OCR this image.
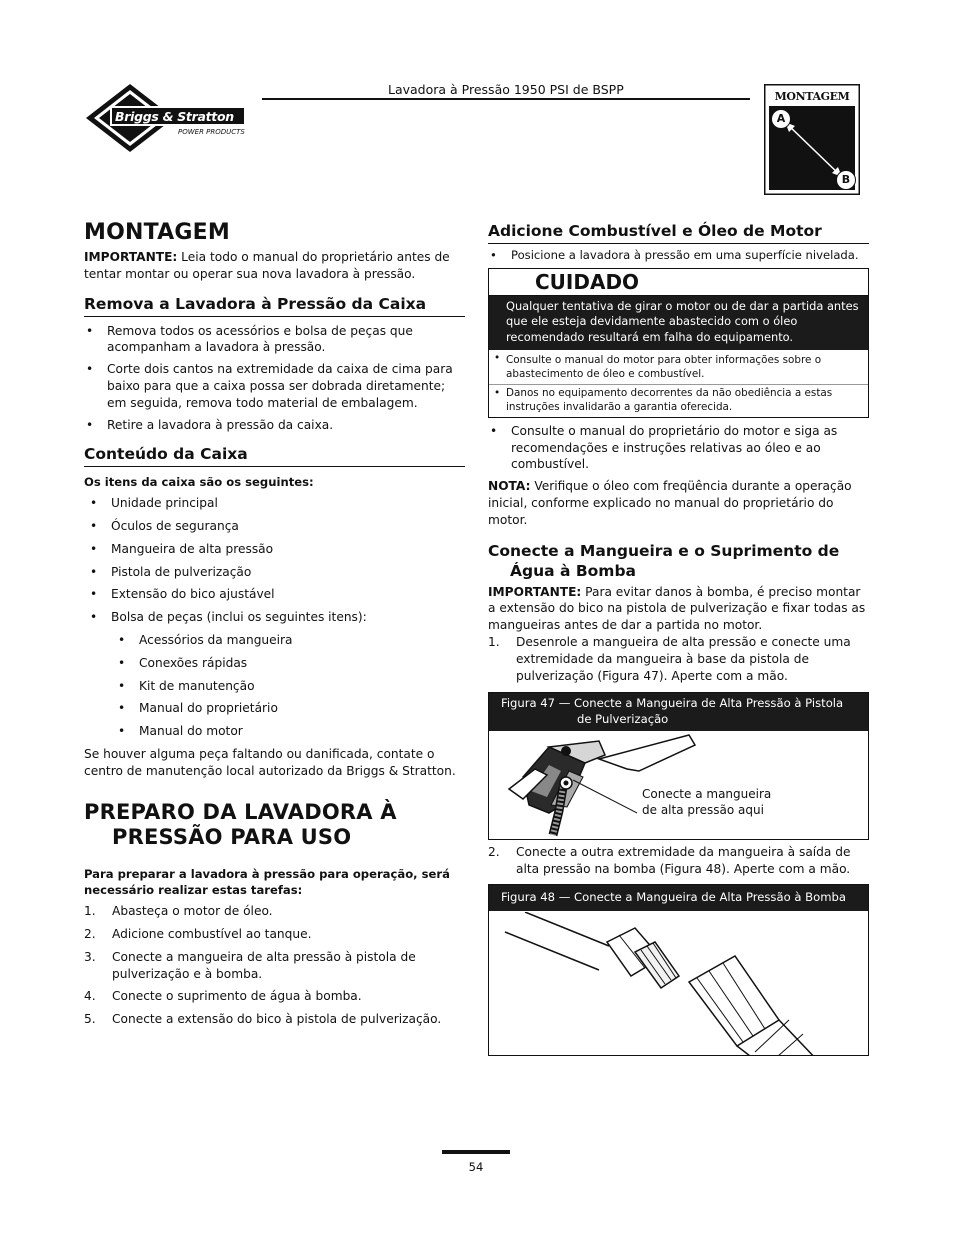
Briggs & Stratton
POWER PRODUCTS
Lavadora à Pressão 1950 PSI de BSPP	MONTAGEM
A
B
MONTAGEM
IMPORTANTE: Leia todo o manual do proprietário antes de tentar montar ou operar sua nova lavadora à pressão.
Remova a Lavadora à Pressão da Caixa
• Remova todos os acessórios e bolsa de peças que acompanham a lavadora à pressão.
• Corte dois cantos na extremidade da caixa de cima para baixo para que a caixa possa ser dobrada diretamente; em seguida, remova todo material de embalagem.
• Retire a lavadora à pressão da caixa.
Conteúdo da Caixa
Os itens da caixa são os seguintes:
• Unidade principal
• Óculos de segurança
• Mangueira de alta pressão
• Pistola de pulverização
• Extensão do bico ajustável
• Bolsa de peças (inclui os seguintes itens):
• Acessórios da mangueira
• Conexões rápidas
• Kit de manutenção
• Manual do proprietário
• Manual do motor
Se houver alguma peça faltando ou danificada, contate o centro de manutenção local autorizado da Briggs & Stratton.
PREPARO DA LAVADORA À
PRESSÃO PARA USO
Para preparar a lavadora à pressão para operação, será necessário realizar estas tarefas:
1. Abasteça o motor de óleo.
2. Adicione combustível ao tanque.
3. Conecte a mangueira de alta pressão à pistola de pulverização e à bomba.
4. Conecte o suprimento de água à bomba.
5. Conecte a extensão do bico à pistola de pulverização.
Adicione Combustível e Óleo de Motor
• Posicione a lavadora à pressão em uma superfície nivelada.
CUIDADO
Qualquer tentativa de girar o motor ou de dar a partida antes que ele esteja devidamente abastecido com o óleo recomendado resultará em falha do equipamento.
• Consulte o manual do motor para obter informações sobre o abastecimento de óleo e combustível.
• Danos no equipamento decorrentes da não obediência a estas instruções invalidarão a garantia oferecida.
• Consulte o manual do proprietário do motor e siga as recomendações e instruções relativas ao óleo e ao combustível.
NOTA: Verifique o óleo com freqüência durante a operação inicial, conforme explicado no manual do proprietário do motor.
Conecte a Mangueira e o Suprimento de
Água à Bomba
IMPORTANTE: Para evitar danos à bomba, é preciso montar a extensão do bico na pistola de pulverização e fixar todas as mangueiras antes de dar a partida no motor.
1. Desenrole a mangueira de alta pressão e conecte uma extremidade da mangueira à base da pistola de pulverização (Figura 47). Aperte com a mão.
Figura 47 — Conecte a Mangueira de Alta Pressão à Pistola
de Pulverização
Conecte a mangueira
de alta pressão aqui
2. Conecte a outra extremidade da mangueira à saída de alta pressão na bomba (Figura 48). Aperte com a mão.
Figura 48 — Conecte a Mangueira de Alta Pressão à Bomba
54
